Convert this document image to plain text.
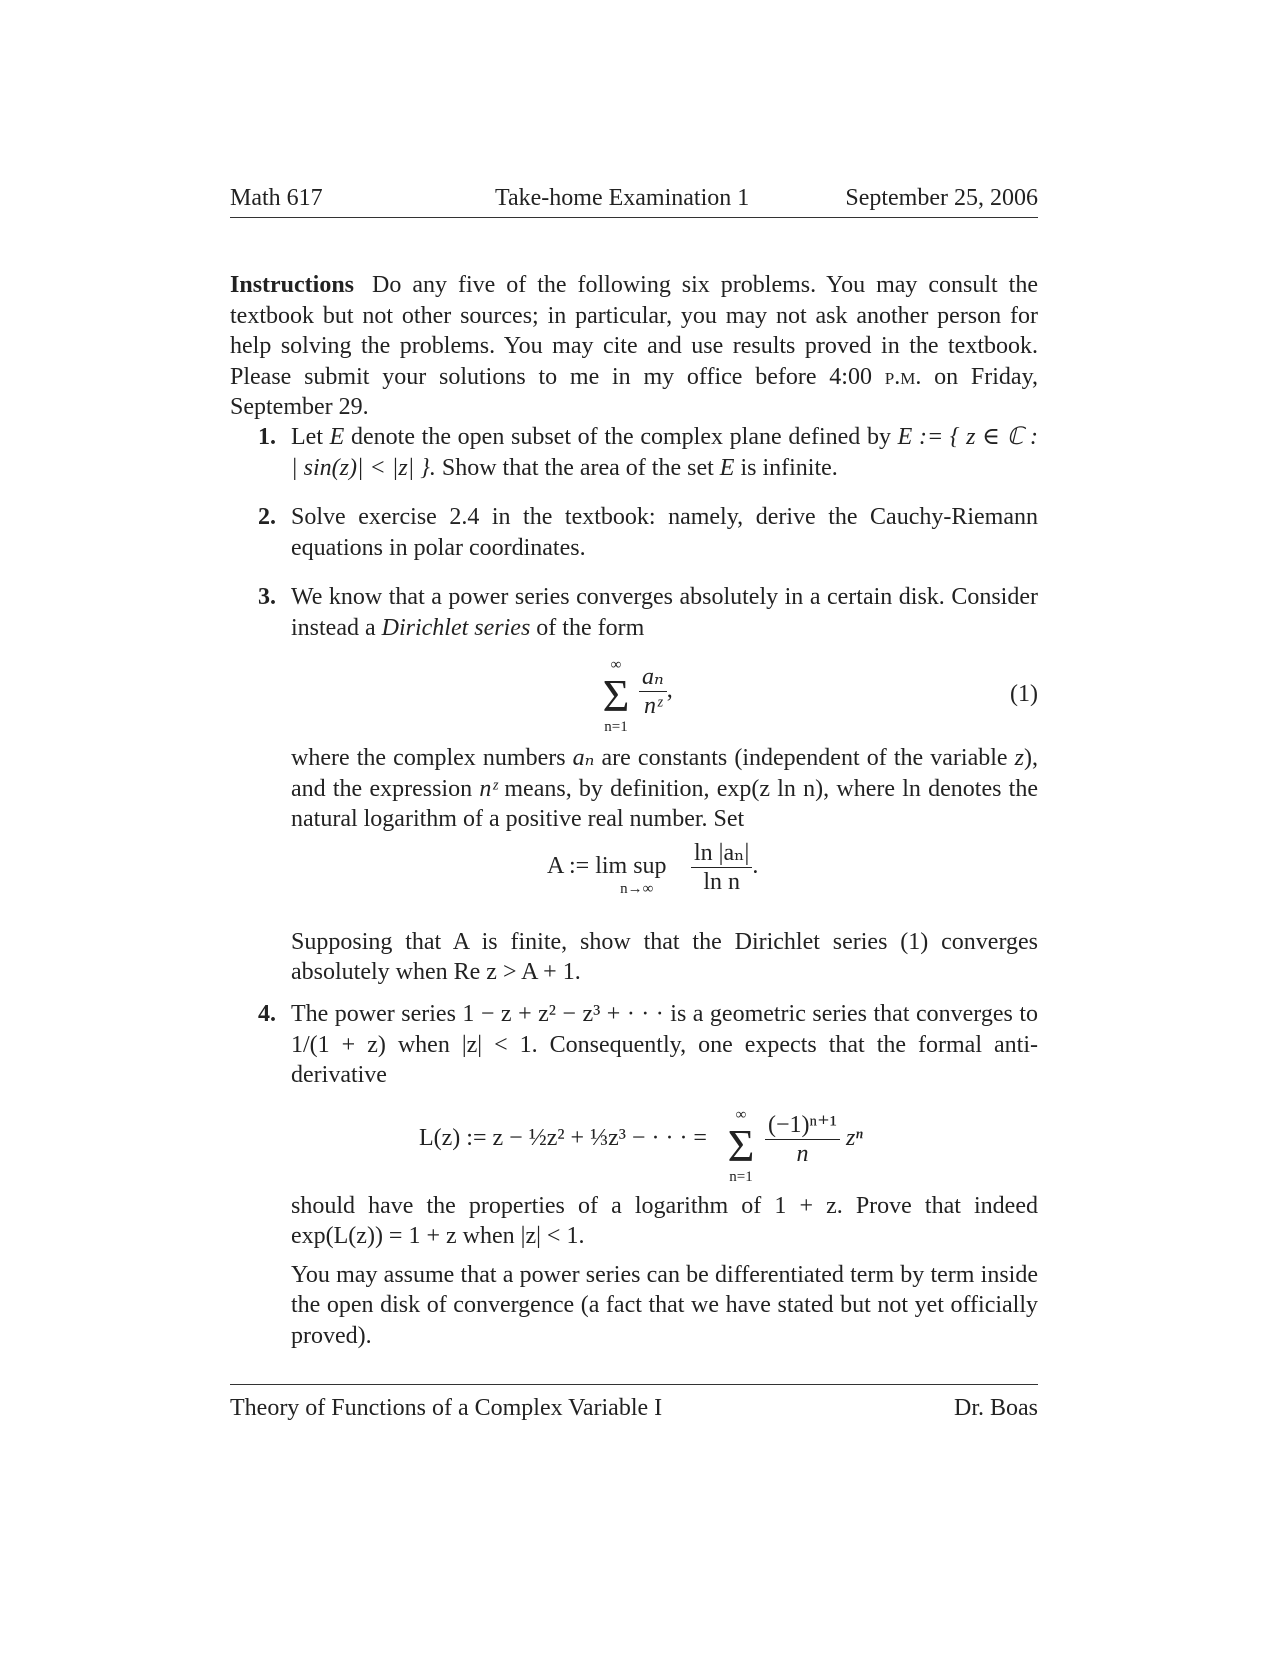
Math 617	Take-home Examination 1	September 25, 2006
Instructions Do any five of the following six problems. You may consult the textbook but not other sources; in particular, you may not ask another person for help solving the problems. You may cite and use results proved in the textbook. Please submit your solutions to me in my office before 4:00 p.m. on Friday, September 29.
1. Let E denote the open subset of the complex plane defined by E := { z ∈ ℂ : | sin(z)| < |z| }. Show that the area of the set E is infinite.
2. Solve exercise 2.4 in the textbook: namely, derive the Cauchy-Riemann equations in polar coordinates.
3. We know that a power series converges absolutely in a certain disk. Consider instead a Dirichlet series of the form
∞
Σ
n=1
$\frac{\text{aₙ}}{\text{nᶻ}}$ ,	(1)
where the complex numbers aₙ are constants (independent of the variable z), and the expression nᶻ means, by definition, exp(z ln n), where ln denotes the natural logarithm of a positive real number. Set
A := lim sup
n→∞	$\frac{\text{ln |aₙ|}}{\text{ln n}}$ .
Supposing that A is finite, show that the Dirichlet series (1) converges absolutely when Re z > A + 1.
4. The power series 1 − z + z² − z³ + · · · is a geometric series that converges to 1/(1 + z) when |z| < 1. Consequently, one expects that the formal anti-derivative
L(z) := z − ½z² + ⅓z³ − · · · =
∞
Σ
n=1
$\frac{\text{(−1)ⁿ⁺¹}}{n}$ zⁿ
should have the properties of a logarithm of 1 + z. Prove that indeed exp(L(z)) = 1 + z when |z| < 1.
You may assume that a power series can be differentiated term by term inside the open disk of convergence (a fact that we have stated but not yet officially proved).
Theory of Functions of a Complex Variable I	Dr. Boas
